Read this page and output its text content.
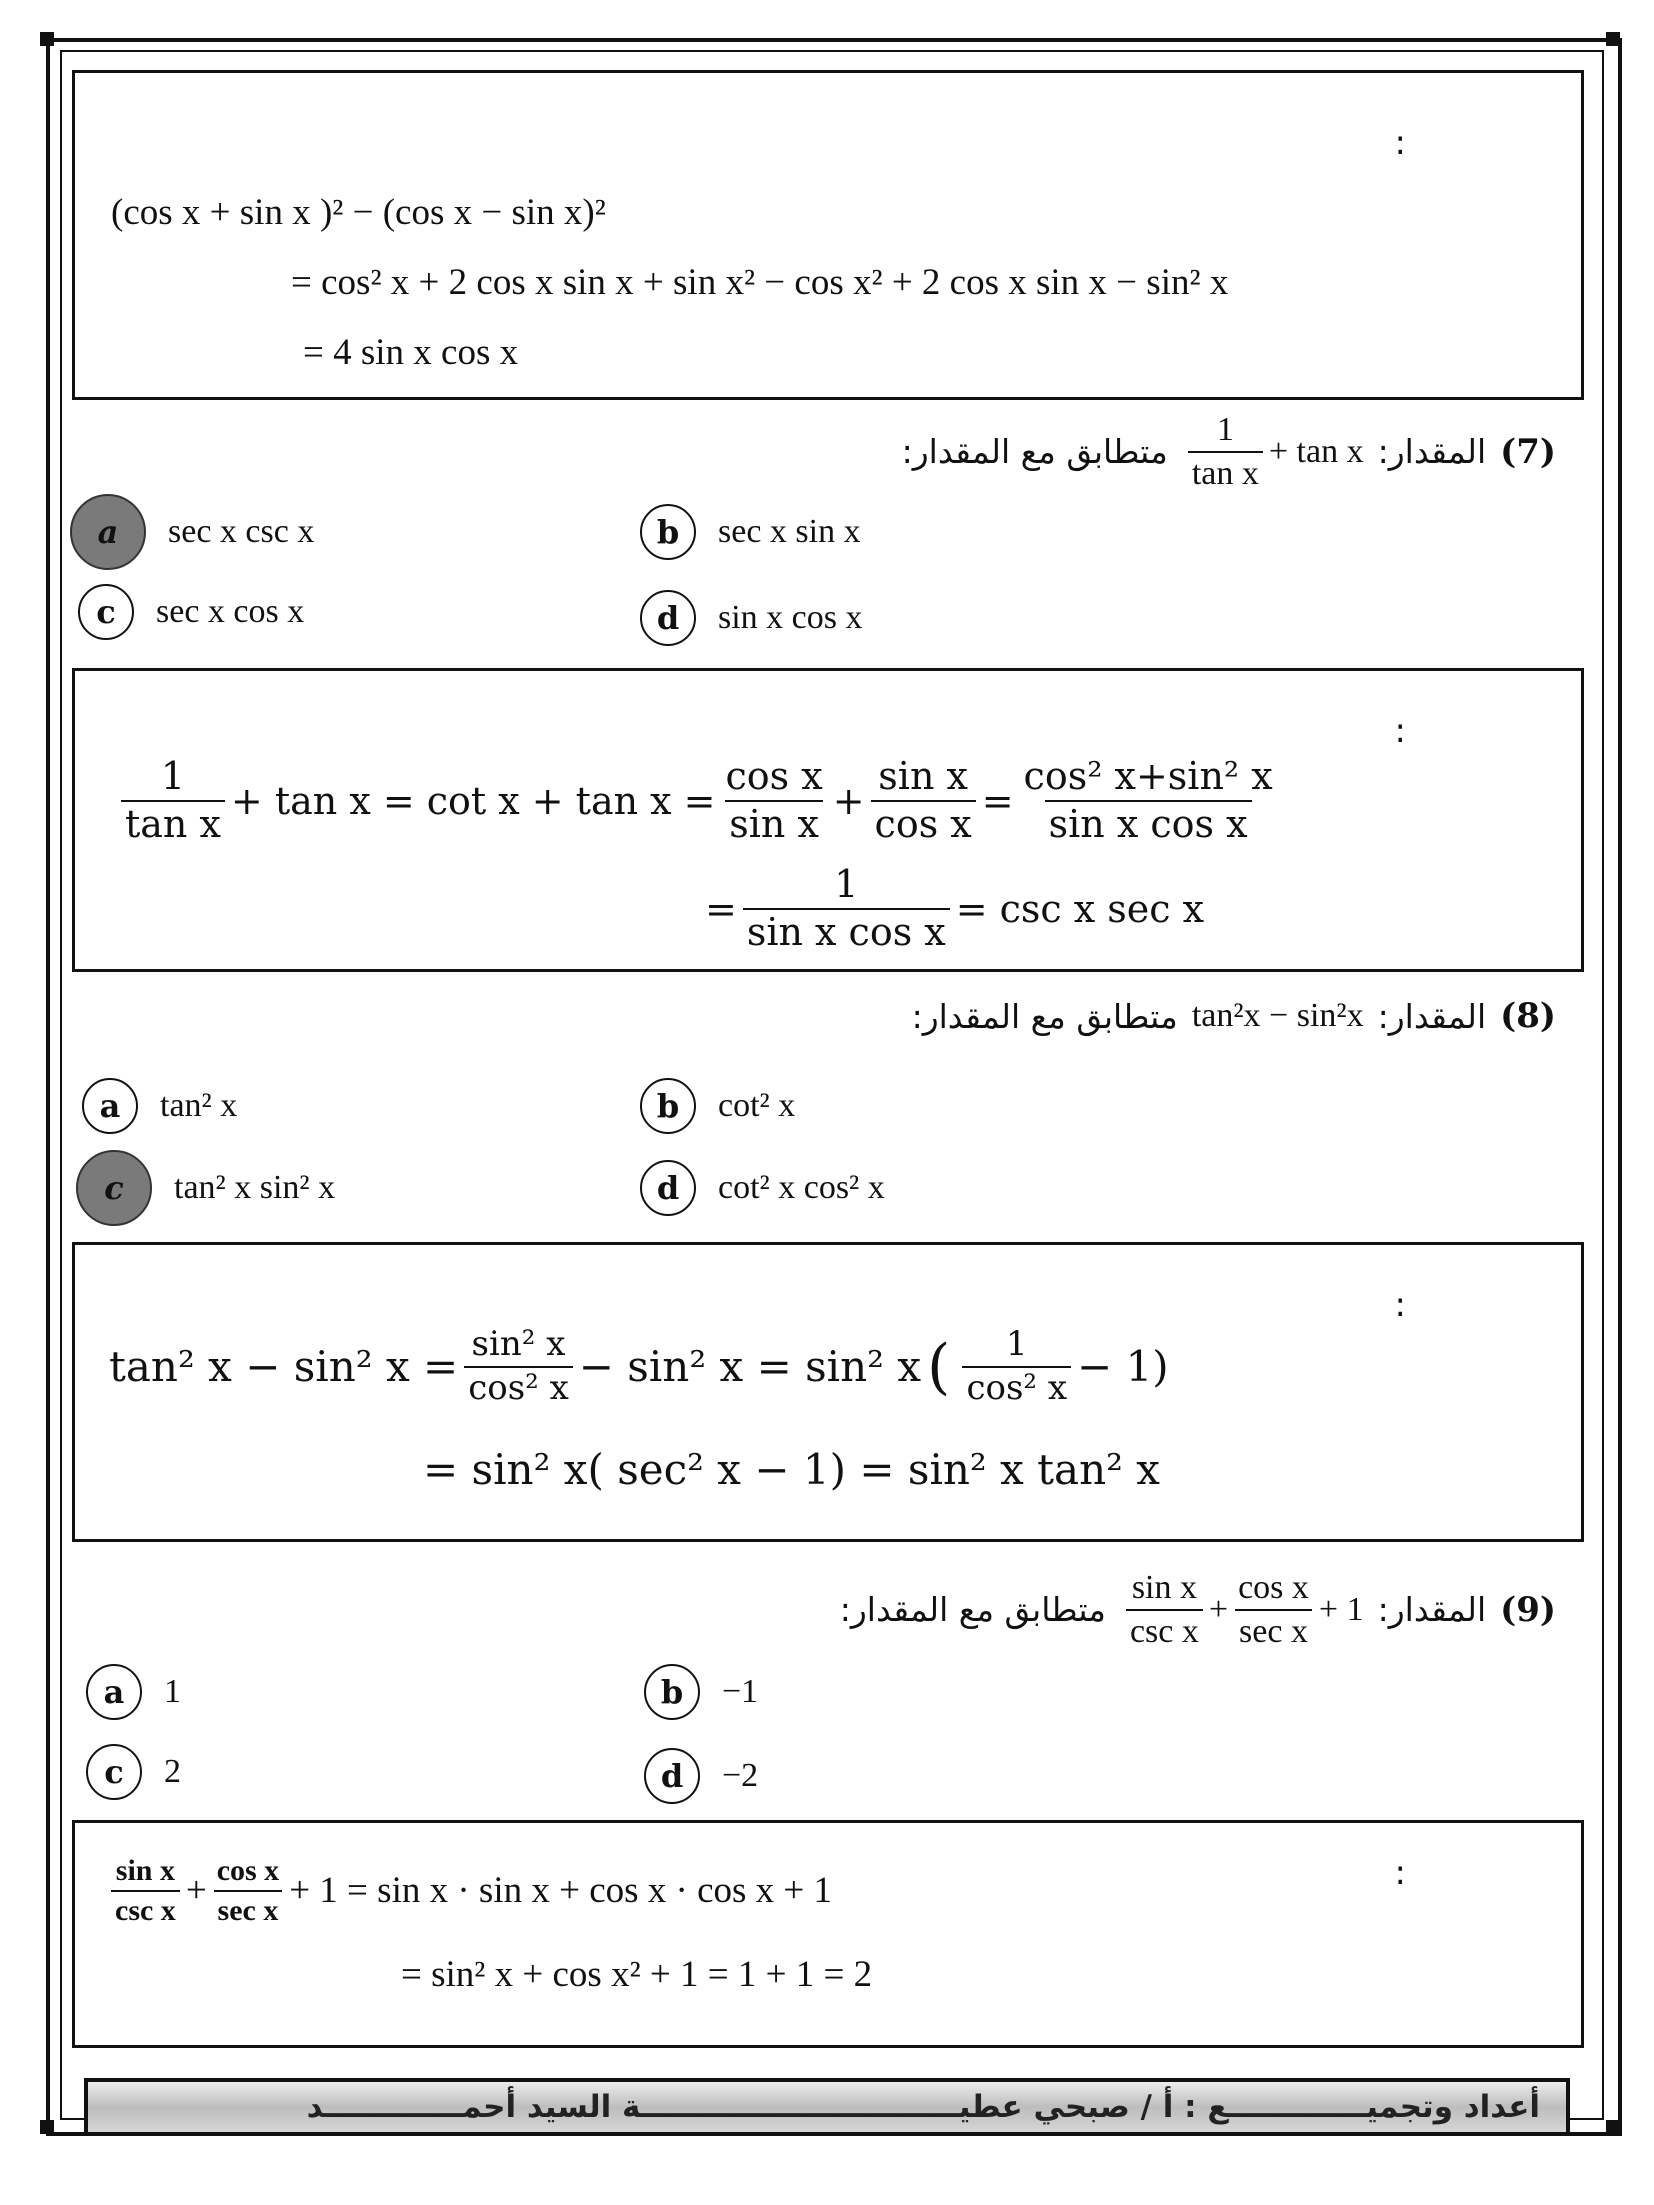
:
(cos x + sin x )² − (cos x − sin x)²
= cos² x + 2 cos x sin x + sin x² − cos x² + 2 cos x sin x − sin² x
= 4 sin x cos x
(7)
المقدار:
$\frac{1}{\text{tan x}} + \tan x$
متطابق مع المقدار:
a	sec x csc x	b	sec x sin x
c	sec x cos x	d	sin x cos x
:
$\frac{1}{\text{tan x}} + \tan x = \cot x + \tan x = \frac{\text{cos x}}{\text{sin x}} + \frac{\text{sin x}}{\text{cos x}} = \frac{\text{cos² x+sin² x}}{\text{sin x cos x}}$
= $\frac{1}{\text{sin x cos x}} = \csc x$ sec x
(8)
المقدار:
tan²x − sin²x
متطابق مع المقدار:
a	tan² x	b	cot² x
c	tan² x sin² x	d	cot² x cos² x
:
tan² x − sin² $x = \frac{\text{sin² x}}{\text{cos² x}} - \sin^2$ x = sin² x ( $\frac{1}{\text{cos² x}} - 1$)
= sin² x( sec² x − 1) = sin² x tan² x
(9)
المقدار:
$\frac{\text{sin x}}{\text{csc x}} + \frac{\text{cos x}}{\text{sec x}} + 1$
متطابق مع المقدار:
a	1	b	−1
c	2	d	−2
:
$\frac{\text{sin x}}{\text{csc x}} + \frac{\text{cos x}}{\text{sec x}} + 1 = \sin x \cdot \sin x + \cos x \cdot \cos x + 1$
= sin² x + cos x² + 1 = 1 + 1 = 2
أعداد وتجميـــــــــــــع : أ / صبحي عطيــــــــــــــــــــــــــــــة السيد أحمـــــــــــــد
